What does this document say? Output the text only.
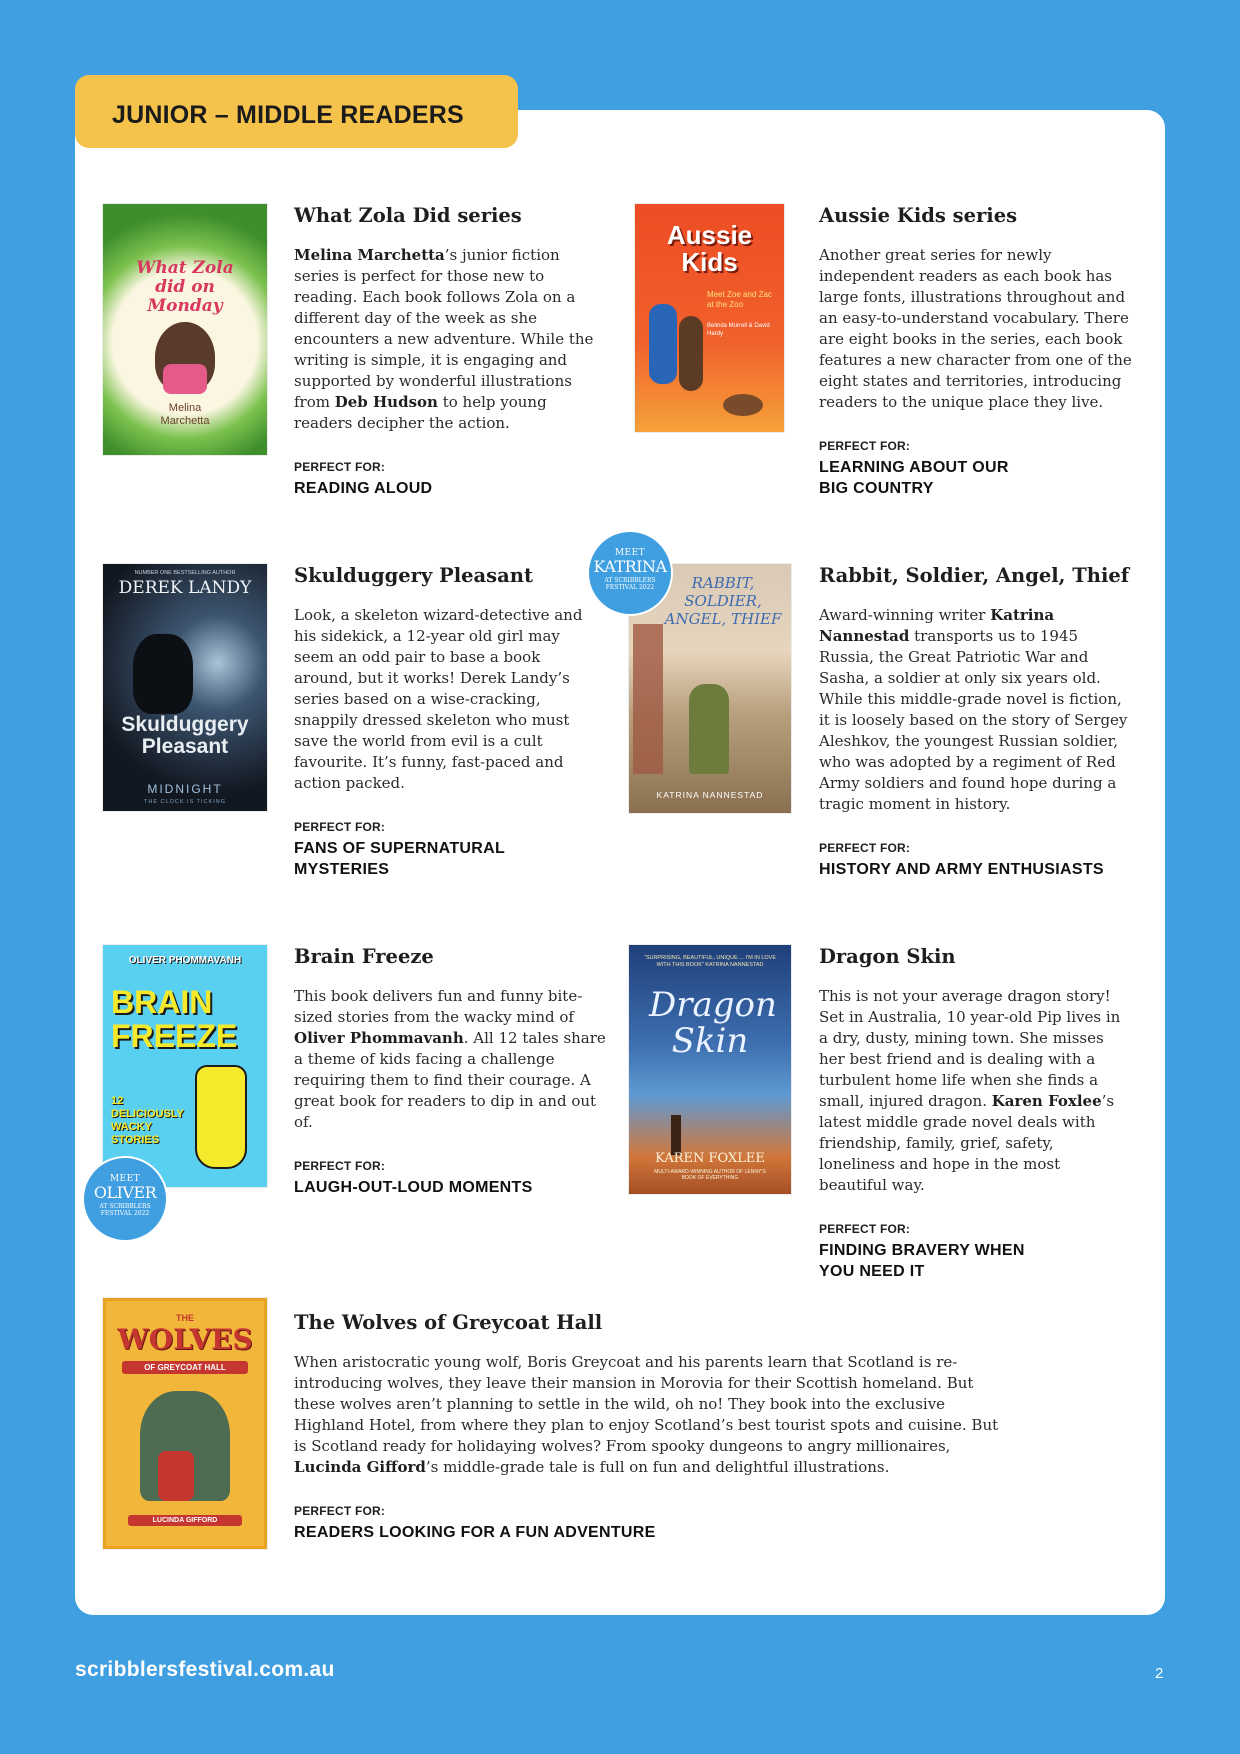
JUNIOR – MIDDLE READERS
What Zola did on Monday
Melina Marchetta
What Zola Did series

Melina Marchetta’s junior fiction series is perfect for those new to reading. Each book follows Zola on a different day of the week as she encounters a new adventure. While the writing is simple, it is engaging and supported by wonderful illustrations from Deb Hudson to help young readers decipher the action.

PERFECT FOR:
READING ALOUD
Aussie Kids
Meet Zoe and Zac at the Zoo
Belinda Murrell & David Hardy
Aussie Kids series

Another great series for newly independent readers as each book has large fonts, illustrations throughout and an easy-to-understand vocabulary. There are eight books in the series, each book features a new character from one of the eight states and territories, introducing readers to the unique place they live.

PERFECT FOR:
LEARNING ABOUT OUR BIG COUNTRY
NUMBER ONE BESTSELLING AUTHOR
DEREK LANDY
Skulduggery Pleasant
MIDNIGHT
THE CLOCK IS TICKING
Skulduggery Pleasant

Look, a skeleton wizard-detective and his sidekick, a 12-year old girl may seem an odd pair to base a book around, but it works! Derek Landy’s series based on a wise-cracking, snappily dressed skeleton who must save the world from evil is a cult favourite. It’s funny, fast-paced and action packed.

PERFECT FOR:
FANS OF SUPERNATURAL MYSTERIES
RABBIT, SOLDIER, ANGEL, THIEF
KATRINA NANNESTAD
MEET
KATRINA
AT SCRIBBLERS FESTIVAL 2022
Rabbit, Soldier, Angel, Thief

Award-winning writer Katrina Nannestad transports us to 1945 Russia, the Great Patriotic War and Sasha, a soldier at only six years old. While this middle-grade novel is fiction, it is loosely based on the story of Sergey Aleshkov, the youngest Russian soldier, who was adopted by a regiment of Red Army soldiers and found hope during a tragic moment in history.

PERFECT FOR:
HISTORY AND ARMY ENTHUSIASTS
OLIVER PHOMMAVANH
BRAIN FREEZE
12 DELICIOUSLY WACKY STORIES
MEET
OLIVER
AT SCRIBBLERS FESTIVAL 2022
Brain Freeze

This book delivers fun and funny bite-sized stories from the wacky mind of Oliver Phommavanh. All 12 tales share a theme of kids facing a challenge requiring them to find their courage. A great book for readers to dip in and out of.

PERFECT FOR:
LAUGH-OUT-LOUD MOMENTS
“SURPRISING, BEAUTIFUL, UNIQUE ... I’M IN LOVE WITH THIS BOOK” KATRINA NANNESTAD
Dragon Skin
KAREN FOXLEE
MULTI-AWARD-WINNING AUTHOR OF LENNY’S BOOK OF EVERYTHING
Dragon Skin

This is not your average dragon story! Set in Australia, 10 year-old Pip lives in a dry, dusty, mining town. She misses her best friend and is dealing with a turbulent home life when she finds a small, injured dragon. Karen Foxlee’s latest middle grade novel deals with friendship, family, grief, safety, loneliness and hope in the most beautiful way.

PERFECT FOR:
FINDING BRAVERY WHEN YOU NEED IT
THE
WOLVES
OF GREYCOAT HALL
LUCINDA GIFFORD
The Wolves of Greycoat Hall

When aristocratic young wolf, Boris Greycoat and his parents learn that Scotland is re-introducing wolves, they leave their mansion in Morovia for their Scottish homeland. But these wolves aren’t planning to settle in the wild, oh no! They book into the exclusive Highland Hotel, from where they plan to enjoy Scotland’s best tourist spots and cuisine. But is Scotland ready for holidaying wolves? From spooky dungeons to angry millionaires, Lucinda Gifford’s middle-grade tale is full on fun and delightful illustrations.

PERFECT FOR:
READERS LOOKING FOR A FUN ADVENTURE
scribblersfestival.com.au	2
